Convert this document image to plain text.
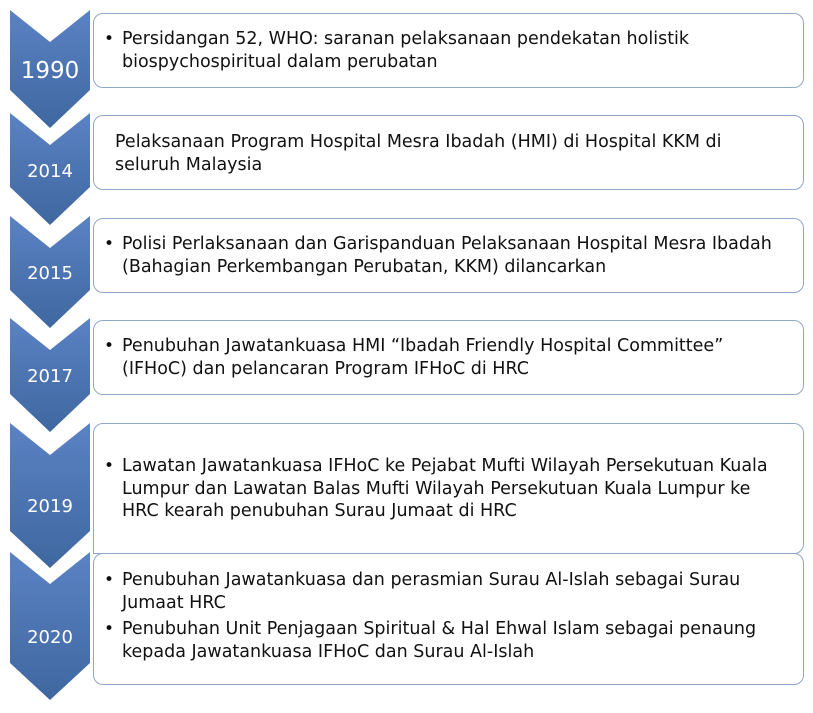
1990
2014
2015
2017
2019
2020

• Persidangan 52, WHO: saranan pelaksanaan pendekatan holistik biospychospiritual dalam perubatan

Pelaksanaan Program Hospital Mesra Ibadah (HMI) di Hospital KKM di seluruh Malaysia

• Polisi Perlaksanaan dan Garispanduan Pelaksanaan Hospital Mesra Ibadah (Bahagian Perkembangan Perubatan, KKM) dilancarkan

• Penubuhan Jawatankuasa HMI “Ibadah Friendly Hospital Committee” (IFHoC) dan pelancaran Program IFHoC di HRC

• Lawatan Jawatankuasa IFHoC ke Pejabat Mufti Wilayah Persekutuan Kuala Lumpur dan Lawatan Balas Mufti Wilayah Persekutuan Kuala Lumpur ke HRC kearah penubuhan Surau Jumaat di HRC

• Penubuhan Jawatankuasa dan perasmian Surau Al-Islah sebagai Surau Jumaat HRC

• Penubuhan Unit Penjagaan Spiritual & Hal Ehwal Islam sebagai penaung kepada Jawatankuasa IFHoC dan Surau Al-Islah
